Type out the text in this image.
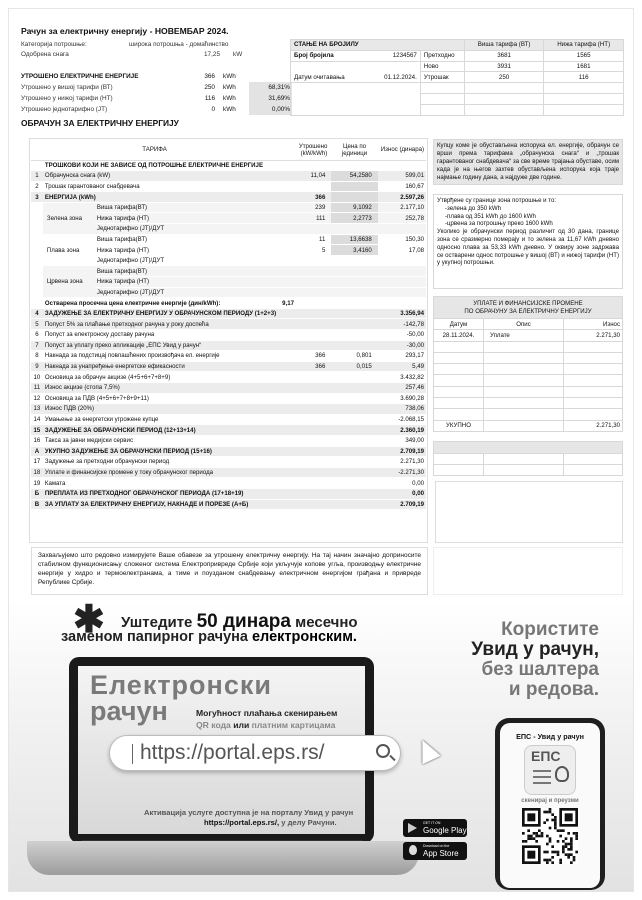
Рачун за електричну енергију - НОВЕМБАР 2024.
Категорија потрошње:	широка потрошња - домаћинство
Одобрена снага	17,25 kW
УТРОШЕНО ЕЛЕКТРИЧНЕ ЕНЕРГИЈЕ	366 kWh
Утрошено у вишој тарифи (ВТ)	250 kWh	68,31%
Утрошено у нижој тарифи (НТ)	116 kWh	31,69%
Утрошено једнотарифно (ЈТ)	0 kWh	0,00%
СТАЊЕ НА БРОЈИЛУ			Виша тарифа (ВТ)	Нижа тарифа (НТ)
Број бројила	1234567	Претходно	3681	1565
		Ново	3931	1681
Датум очитавања	01.12.2024.	Утрошак	250	116

ОБРАЧУН ЗА ЕЛЕКТРИЧНУ ЕНЕРГИЈУ
ТАРИФА			Утрошено (kW/kWh)	Цена по јединици	Износ (динара)
	ТРОШКОВИ КОЈИ НЕ ЗАВИСЕ ОД ПОТРОШЊЕ ЕЛЕКТРИЧНЕ ЕНЕРГИЈЕ				
1	Обрачунска снага (kW)		11,04	54,2580	599,01
2	Трошак гарантованог снабдевача				160,67
3	ЕНЕРГИЈА (kWh)		366		2.597,26
	Зелена зона	Виша тарифа(ВТ)	239	9,1092	2.177,10
		Нижа тарифа (НТ)	111	2,2773	252,78
		Једнотарифно (ЈТ)/ДУТ			
	Плава зона	Виша тарифа(ВТ)	11	13,6638	150,30
		Нижа тарифа (НТ)	5	3,4160	17,08
		Једнотарифно (ЈТ)/ДУТ			
	Црвена зона	Виша тарифа(ВТ)			
		Нижа тарифа (НТ)			
		Једнотарифно (ЈТ)/ДУТ			
	Остварена просечна цена електричне енергије (дин/kWh):		9,17		
4	ЗАДУЖЕЊЕ ЗА ЕЛЕКТРИЧНУ ЕНЕРГИЈУ У ОБРАЧУНСКОМ ПЕРИОДУ (1+2+3)				3.356,94
5	Попуст 5% за плаћање претходног рачуна у року доспећа				-142,78
6	Попуст за електронску доставу рачуна				-50,00
7	Попуст за уплату преко апликације „ЕПС Увид у рачун“				-30,00
8	Накнада за подстицај повлашћених произвођача ел. енергије		366	0,801	293,17
9	Накнада за унапређење енергетске ефикасности		366	0,015	5,49
10	Основица за обрачун акцизе (4+5+6+7+8+9)				3.432,82
11	Износ акцизе (стопа 7,5%)				257,46
12	Основица за ПДВ (4+5+6+7+8+9+11)				3.690,28
13	Износ ПДВ (20%)				738,06
14	Умањење за енергетски угрожене купце				-2.068,15
15	ЗАДУЖЕЊЕ ЗА ОБРАЧУНСКИ ПЕРИОД (12+13+14)				2.360,19
16	Такса за јавни медијски сервис				349,00
А	УКУПНО ЗАДУЖЕЊЕ ЗА ОБРАЧУНСКИ ПЕРИОД (15+16)				2.709,19
17	Задужење за претходни обрачунски период				2.271,30
18	Уплате и финансијске промене у току обрачунског периода				-2.271,30
19	Камата				0,00
Б	ПРЕПЛАТА ИЗ ПРЕТХОДНОГ ОБРАЧУНСКОГ ПЕРИОДА (17+18+19)				0,00
В	ЗА УПЛАТУ ЗА ЕЛЕКТРИЧНУ ЕНЕРГИЈУ, НАКНАДЕ И ПОРЕЗЕ (А+Б)				2.709,19
Купцу коме је обустављена испорука ел. енергије, обрачун се врши према тарифама „обрачунска снага“ и „трошак гарантованог снабдевача“ за све време трајања обуставе, осим када је на његов захтев обустављена испорука која траје најмање годину дана, а најдуже две године.
Утврђене су границе зона потрошње и то:
-зелена до 350 kWh
-плава од 351 kWh до 1600 kWh
-црвена за потрошњу преко 1600 kWh
Уколико је обрачунски период различит од 30 дана, границе зона се сразмерно померају и то зелена за 11,67 kWh дневно односно плава за 53,33 kWh дневно. У оквиру зоне задржава се остварени однос потрошње у вишој (ВТ) и нижој тарифи (НТ) у укупној потрошњи.
УПЛАТЕ И ФИНАНСИЈСКЕ ПРОМЕНЕ
ПО ОБРАЧУНУ ЗА ЕЛЕКТРИЧНУ ЕНЕРГИЈУ		

Датум	Опис	Износ
28.11.2024.	Уплате	2.271,30

УКУПНО		2.271,30

Захваљујемо што редовно измирујете Ваше обавезе за утрошену електричну енергију. На тај начин значајно доприносите стабилном функционисању сложеног система Електропривреде Србије који укључује копове угља, производњу електричне енергије у хидро и термоелектранама, а тиме и поузданом снабдевању електричном енергијом грађана и привреде Републике Србије.
✱ Уштедите 50 динара месечно
заменом папирног рачуна електронским.
Електронски
рачун	Могућност плаћања скенирањем
QR кода или платним картицама
Активација услуге доступна је на порталу Увид у рачун
https://portal.eps.rs/, у делу Рачуни.
https://portal.eps.rs/
Користите
Увид у рачун,
без шалтера
и редова.
GET IT ON
Google Play
Download on the
App Store
ЕПС - Увид у рачун
ЕПС
скенирај и преузми
